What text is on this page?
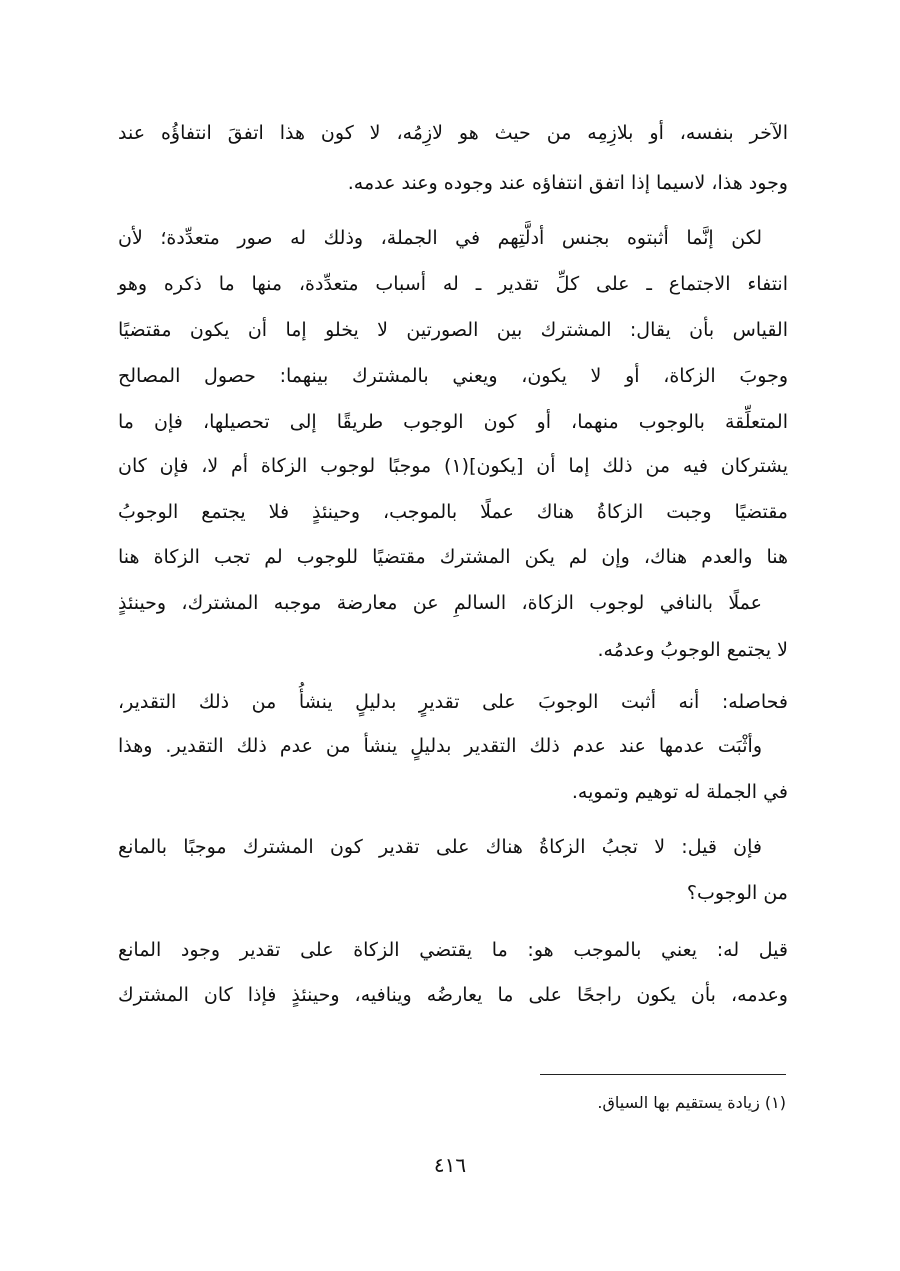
الآخر بنفسه، أو بلازِمِه من حيث هو لازِمُه، لا كون هذا اتفقَ انتفاؤُه عند
وجود هذا، لاسيما إذا اتفق انتفاؤه عند وجوده وعند عدمه.
لكن إنَّما أثبتوه بجنس أدلَّتِهم في الجملة، وذلك له صور متعدِّدة؛ لأن
انتفاء الاجتماع ـ على كلِّ تقدير ـ له أسباب متعدِّدة، منها ما ذكره وهو
القياس بأن يقال: المشترك بين الصورتين لا يخلو إما أن يكون مقتضيًا
وجوبَ الزكاة، أو لا يكون، ويعني بالمشترك بينهما: حصول المصالح
المتعلِّقة بالوجوب منهما، أو كون الوجوب طريقًا إلى تحصيلها، فإن ما
يشتركان فيه من ذلك إما أن [يكون](١) موجبًا لوجوب الزكاة أم لا، فإن كان
مقتضيًا وجبت الزكاةُ هناك عملًا بالموجب، وحينئذٍ فلا يجتمع الوجوبُ
هنا والعدم هناك، وإن لم يكن المشترك مقتضيًا للوجوب لم تجب الزكاة هنا
عملًا بالنافي لوجوب الزكاة، السالمِ عن معارضة موجبه المشترك، وحينئذٍ
لا يجتمع الوجوبُ وعدمُه.
فحاصله: أنه أثبت الوجوبَ على تقديرٍ بدليلٍ ينشأُ من ذلك التقدير،
وأثْبَت عدمها عند عدم ذلك التقدير بدليلٍ ينشأ من عدم ذلك التقدير. وهذا
في الجملة له توهيم وتمويه.
فإن قيل: لا تجبُ الزكاةُ هناك على تقدير كون المشترك موجبًا بالمانع
من الوجوب؟
قيل له: يعني بالموجب هو: ما يقتضي الزكاة على تقدير وجود المانع
وعدمه، بأن يكون راجحًا على ما يعارضُه وينافيه، وحينئذٍ فإذا كان المشترك
(١) زيادة يستقيم بها السياق.
٤١٦
